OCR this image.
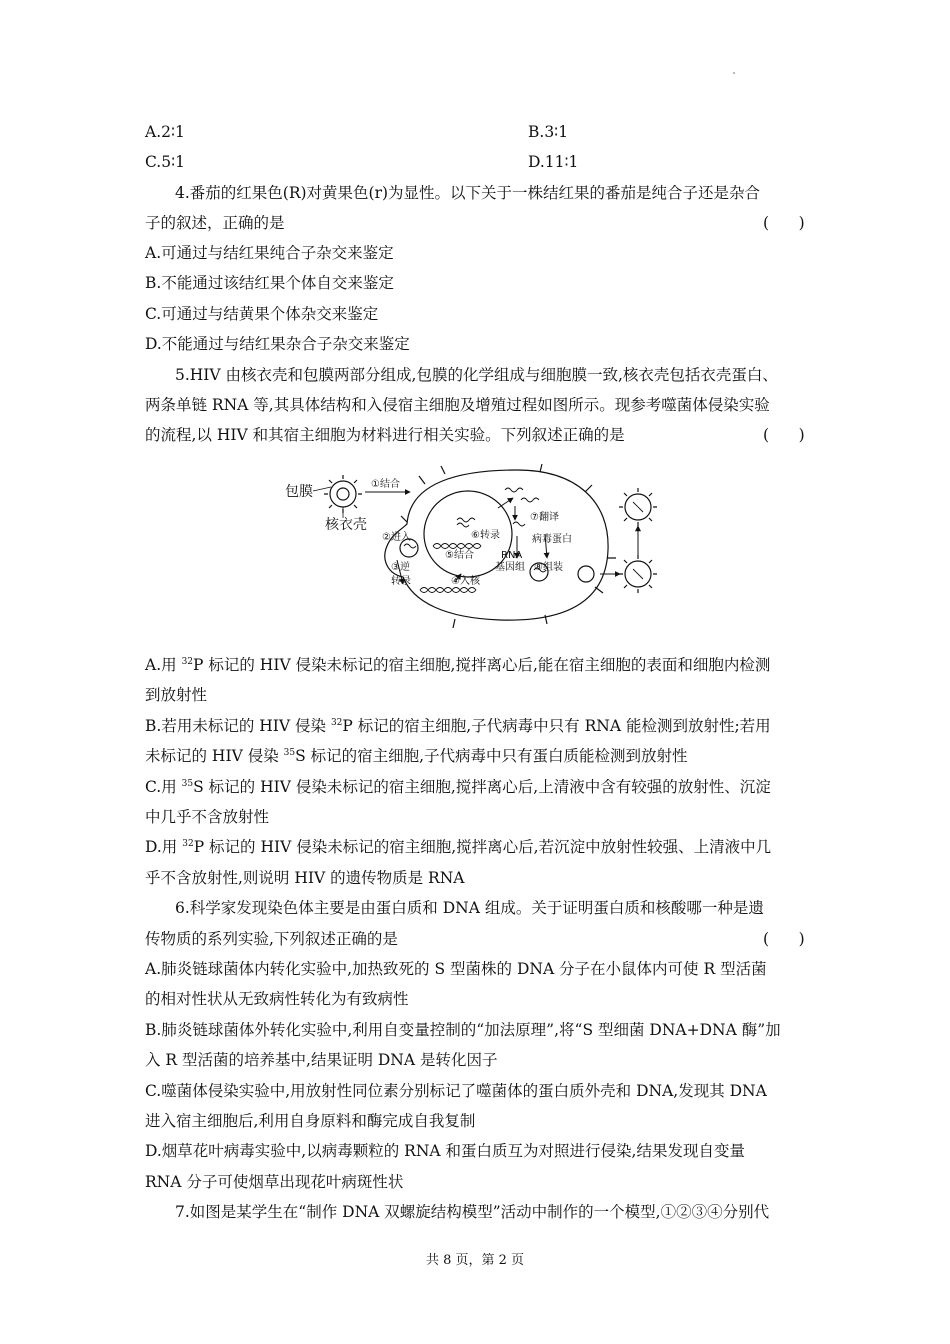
A.2∶1	B.3∶1
C.5∶1	D.11∶1
4.番茄的红果色(R)对黄果色(r)为显性。以下关于一株结红果的番茄是纯合子还是杂合
子的叙述，正确的是	(      )
A.可通过与结红果纯合子杂交来鉴定
B.不能通过该结红果个体自交来鉴定
C.可通过与结黄果个体杂交来鉴定
D.不能通过与结红果杂合子杂交来鉴定
5.HIV 由核衣壳和包膜两部分组成,包膜的化学组成与细胞膜一致,核衣壳包括衣壳蛋白、
两条单链 RNA 等,其具体结构和入侵宿主细胞及增殖过程如图所示。现参考噬菌体侵染实验
的流程,以 HIV 和其宿主细胞为材料进行相关实验。下列叙述正确的是	(      )
包膜
核衣壳
①结合
②进入
③逆
转录	④入核
⑤结合
⑥转录
⑦翻译
⑧组装
RNA
基因组
病毒蛋白
A.用 $^{32}$P 标记的 HIV 侵染未标记的宿主细胞,搅拌离心后,能在宿主细胞的表面和细胞内检测
到放射性
B.若用未标记的 HIV 侵染 $^{32}$P 标记的宿主细胞,子代病毒中只有 RNA 能检测到放射性;若用
未标记的 HIV 侵染 $^{35}$S 标记的宿主细胞,子代病毒中只有蛋白质能检测到放射性
C.用 $^{35}$S 标记的 HIV 侵染未标记的宿主细胞,搅拌离心后,上清液中含有较强的放射性、沉淀
中几乎不含放射性
D.用 $^{32}$P 标记的 HIV 侵染未标记的宿主细胞,搅拌离心后,若沉淀中放射性较强、上清液中几
乎不含放射性,则说明 HIV 的遗传物质是 RNA
6.科学家发现染色体主要是由蛋白质和 DNA 组成。关于证明蛋白质和核酸哪一种是遗
传物质的系列实验,下列叙述正确的是	(      )
A.肺炎链球菌体内转化实验中,加热致死的 S 型菌株的 DNA 分子在小鼠体内可使 R 型活菌
的相对性状从无致病性转化为有致病性
B.肺炎链球菌体外转化实验中,利用自变量控制的“加法原理”,将“S 型细菌 DNA+DNA 酶”加
入 R 型活菌的培养基中,结果证明 DNA 是转化因子
C.噬菌体侵染实验中,用放射性同位素分别标记了噬菌体的蛋白质外壳和 DNA,发现其 DNA
进入宿主细胞后,利用自身原料和酶完成自我复制
D.烟草花叶病毒实验中,以病毒颗粒的 RNA 和蛋白质互为对照进行侵染,结果发现自变量
RNA 分子可使烟草出现花叶病斑性状
7.如图是某学生在“制作 DNA 双螺旋结构模型”活动中制作的一个模型,①②③④分别代
共 8 页，第 2 页
